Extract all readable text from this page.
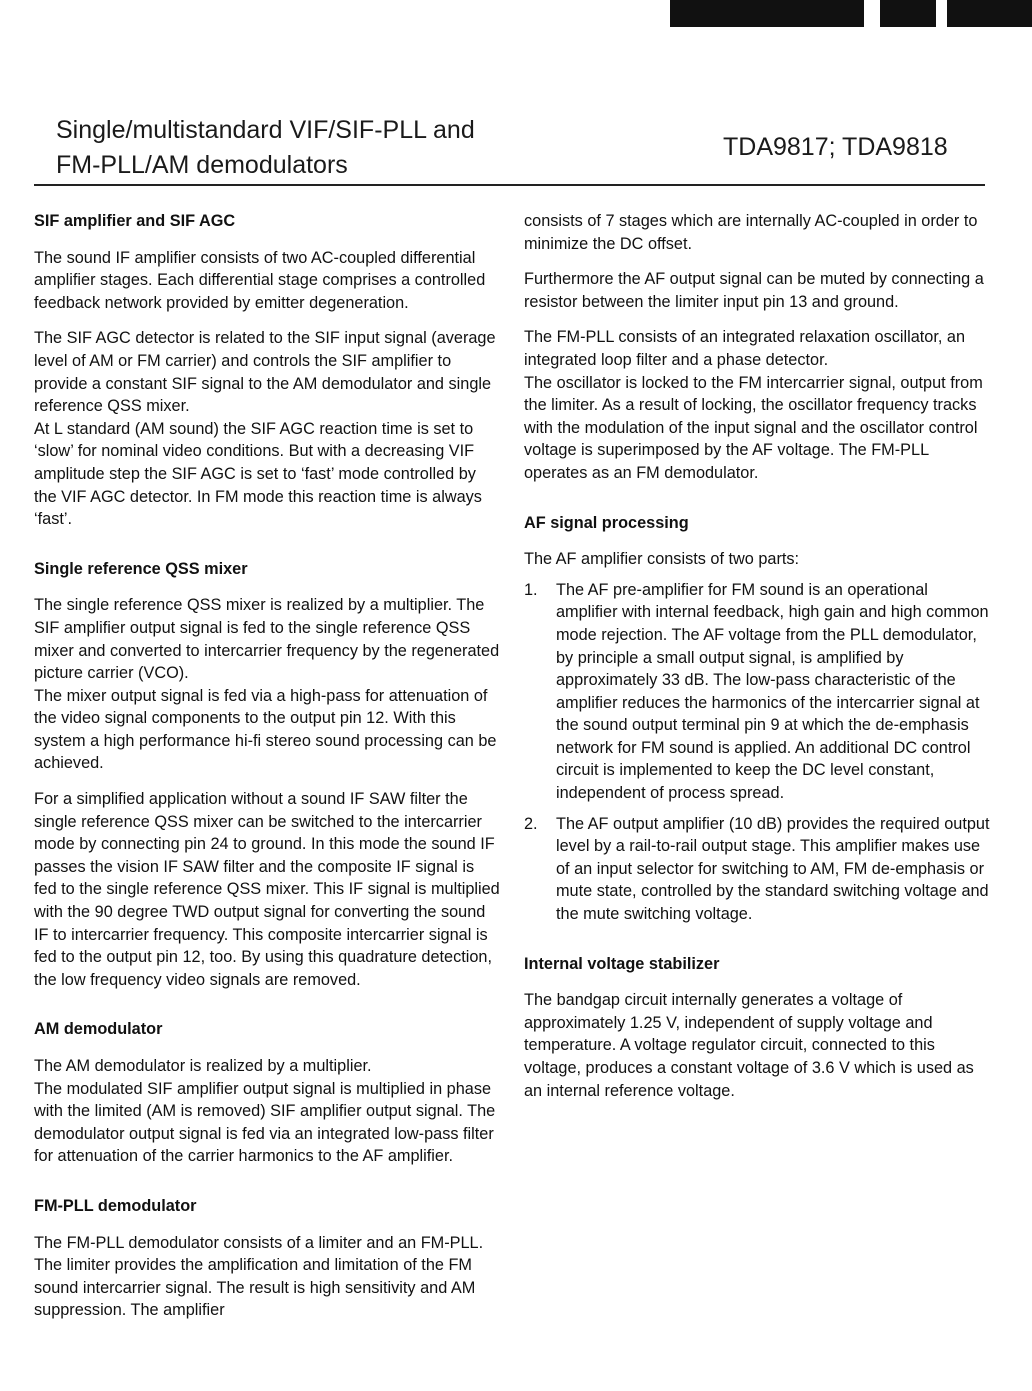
Single/multistandard VIF/SIF-PLL and
FM-PLL/AM demodulators
TDA9817; TDA9818
SIF amplifier and SIF AGC

The sound IF amplifier consists of two AC-coupled differential amplifier stages. Each differential stage comprises a controlled feedback network provided by emitter degeneration.

The SIF AGC detector is related to the SIF input signal (average level of AM or FM carrier) and controls the SIF amplifier to provide a constant SIF signal to the AM demodulator and single reference QSS mixer.

At L standard (AM sound) the SIF AGC reaction time is set to ‘slow’ for nominal video conditions. But with a decreasing VIF amplitude step the SIF AGC is set to ‘fast’ mode controlled by the VIF AGC detector. In FM mode this reaction time is always ‘fast’.

Single reference QSS mixer

The single reference QSS mixer is realized by a multiplier. The SIF amplifier output signal is fed to the single reference QSS mixer and converted to intercarrier frequency by the regenerated picture carrier (VCO).

The mixer output signal is fed via a high-pass for attenuation of the video signal components to the output pin 12. With this system a high performance hi-fi stereo sound processing can be achieved.

For a simplified application without a sound IF SAW filter the single reference QSS mixer can be switched to the intercarrier mode by connecting pin 24 to ground. In this mode the sound IF passes the vision IF SAW filter and the composite IF signal is fed to the single reference QSS mixer. This IF signal is multiplied with the 90 degree TWD output signal for converting the sound IF to intercarrier frequency. This composite intercarrier signal is fed to the output pin 12, too. By using this quadrature detection, the low frequency video signals are removed.

AM demodulator

The AM demodulator is realized by a multiplier.

The modulated SIF amplifier output signal is multiplied in phase with the limited (AM is removed) SIF amplifier output signal. The demodulator output signal is fed via an integrated low-pass filter for attenuation of the carrier harmonics to the AF amplifier.

FM-PLL demodulator

The FM-PLL demodulator consists of a limiter and an FM-PLL. The limiter provides the amplification and limitation of the FM sound intercarrier signal. The result is high sensitivity and AM suppression. The amplifier

consists of 7 stages which are internally AC-coupled in order to minimize the DC offset.

Furthermore the AF output signal can be muted by connecting a resistor between the limiter input pin 13 and ground.

The FM-PLL consists of an integrated relaxation oscillator, an integrated loop filter and a phase detector.

The oscillator is locked to the FM intercarrier signal, output from the limiter. As a result of locking, the oscillator frequency tracks with the modulation of the input signal and the oscillator control voltage is superimposed by the AF voltage. The FM-PLL operates as an FM demodulator.

AF signal processing

The AF amplifier consists of two parts:

1. The AF pre-amplifier for FM sound is an operational amplifier with internal feedback, high gain and high common mode rejection. The AF voltage from the PLL demodulator, by principle a small output signal, is amplified by approximately 33 dB. The low-pass characteristic of the amplifier reduces the harmonics of the intercarrier signal at the sound output terminal pin 9 at which the de-emphasis network for FM sound is applied. An additional DC control circuit is implemented to keep the DC level constant, independent of process spread.
2. The AF output amplifier (10 dB) provides the required output level by a rail-to-rail output stage. This amplifier makes use of an input selector for switching to AM, FM de-emphasis or mute state, controlled by the standard switching voltage and the mute switching voltage.
Internal voltage stabilizer

The bandgap circuit internally generates a voltage of approximately 1.25 V, independent of supply voltage and temperature. A voltage regulator circuit, connected to this voltage, produces a constant voltage of 3.6 V which is used as an internal reference voltage.
